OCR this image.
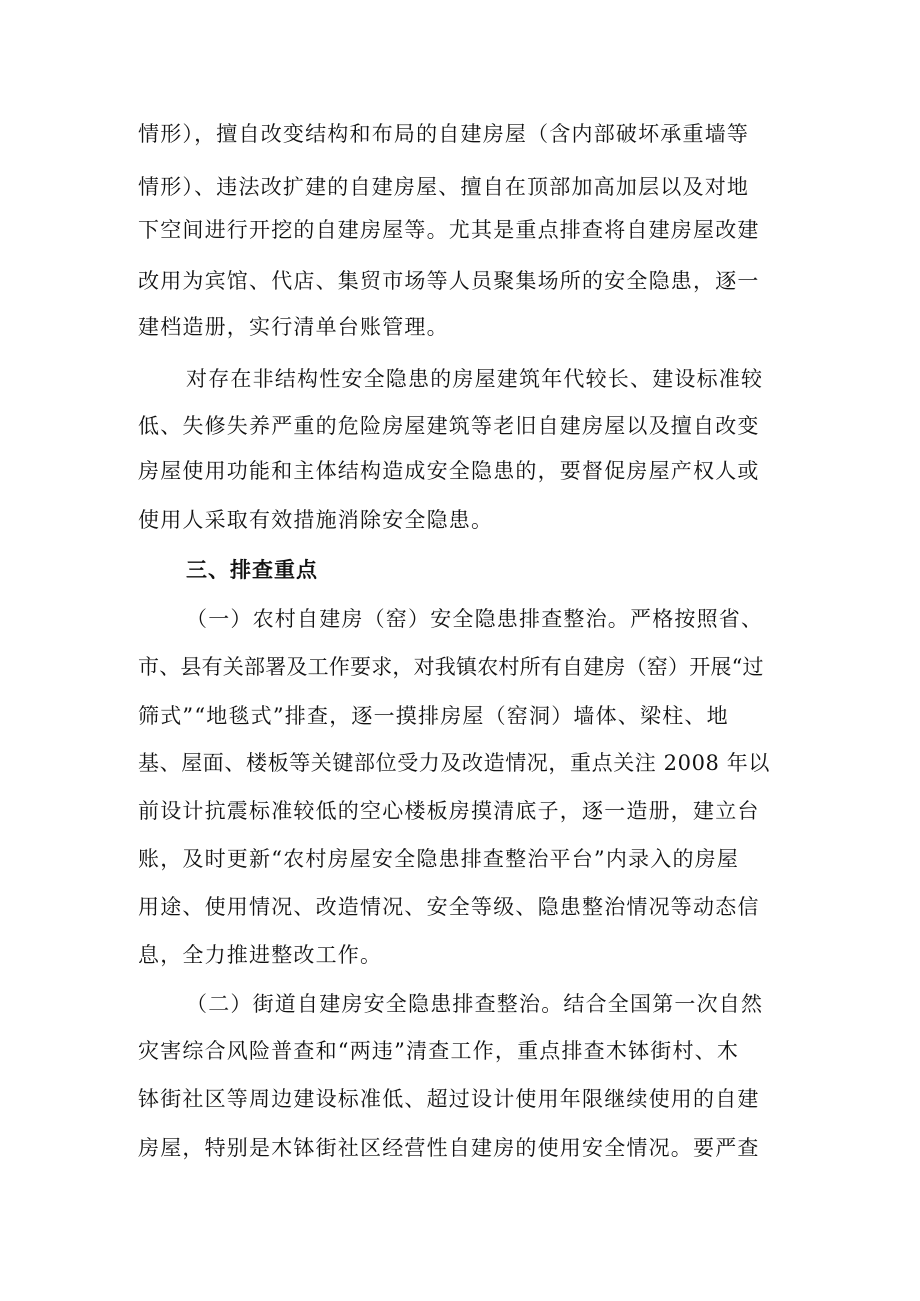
情形），擅自改变结构和布局的自建房屋（含内部破坏承重墙等
情形）、违法改扩建的自建房屋、擅自在顶部加高加层以及对地
下空间进行开挖的自建房屋等。尤其是重点排查将自建房屋改建
改用为宾馆、代店、集贸市场等人员聚集场所的安全隐患，逐一
建档造册，实行清单台账管理。
对存在非结构性安全隐患的房屋建筑年代较长、建设标准较
低、失修失养严重的危险房屋建筑等老旧自建房屋以及擅自改变
房屋使用功能和主体结构造成安全隐患的，要督促房屋产权人或
使用人采取有效措施消除安全隐患。
三、排查重点
（一）农村自建房（窑）安全隐患排查整治。严格按照省、
市、县有关部署及工作要求，对我镇农村所有自建房（窑）开展“过
筛式”“地毯式”排查，逐一摸排房屋（窑洞）墙体、梁柱、地
基、屋面、楼板等关键部位受力及改造情况，重点关注 2008 年以
前设计抗震标准较低的空心楼板房摸清底子，逐一造册，建立台
账，及时更新“农村房屋安全隐患排查整治平台”内录入的房屋
用途、使用情况、改造情况、安全等级、隐患整治情况等动态信
息，全力推进整改工作。
（二）街道自建房安全隐患排查整治。结合全国第一次自然
灾害综合风险普查和“两违”清查工作，重点排查木钵街村、木
钵街社区等周边建设标准低、超过设计使用年限继续使用的自建
房屋，特别是木钵街社区经营性自建房的使用安全情况。要严查
